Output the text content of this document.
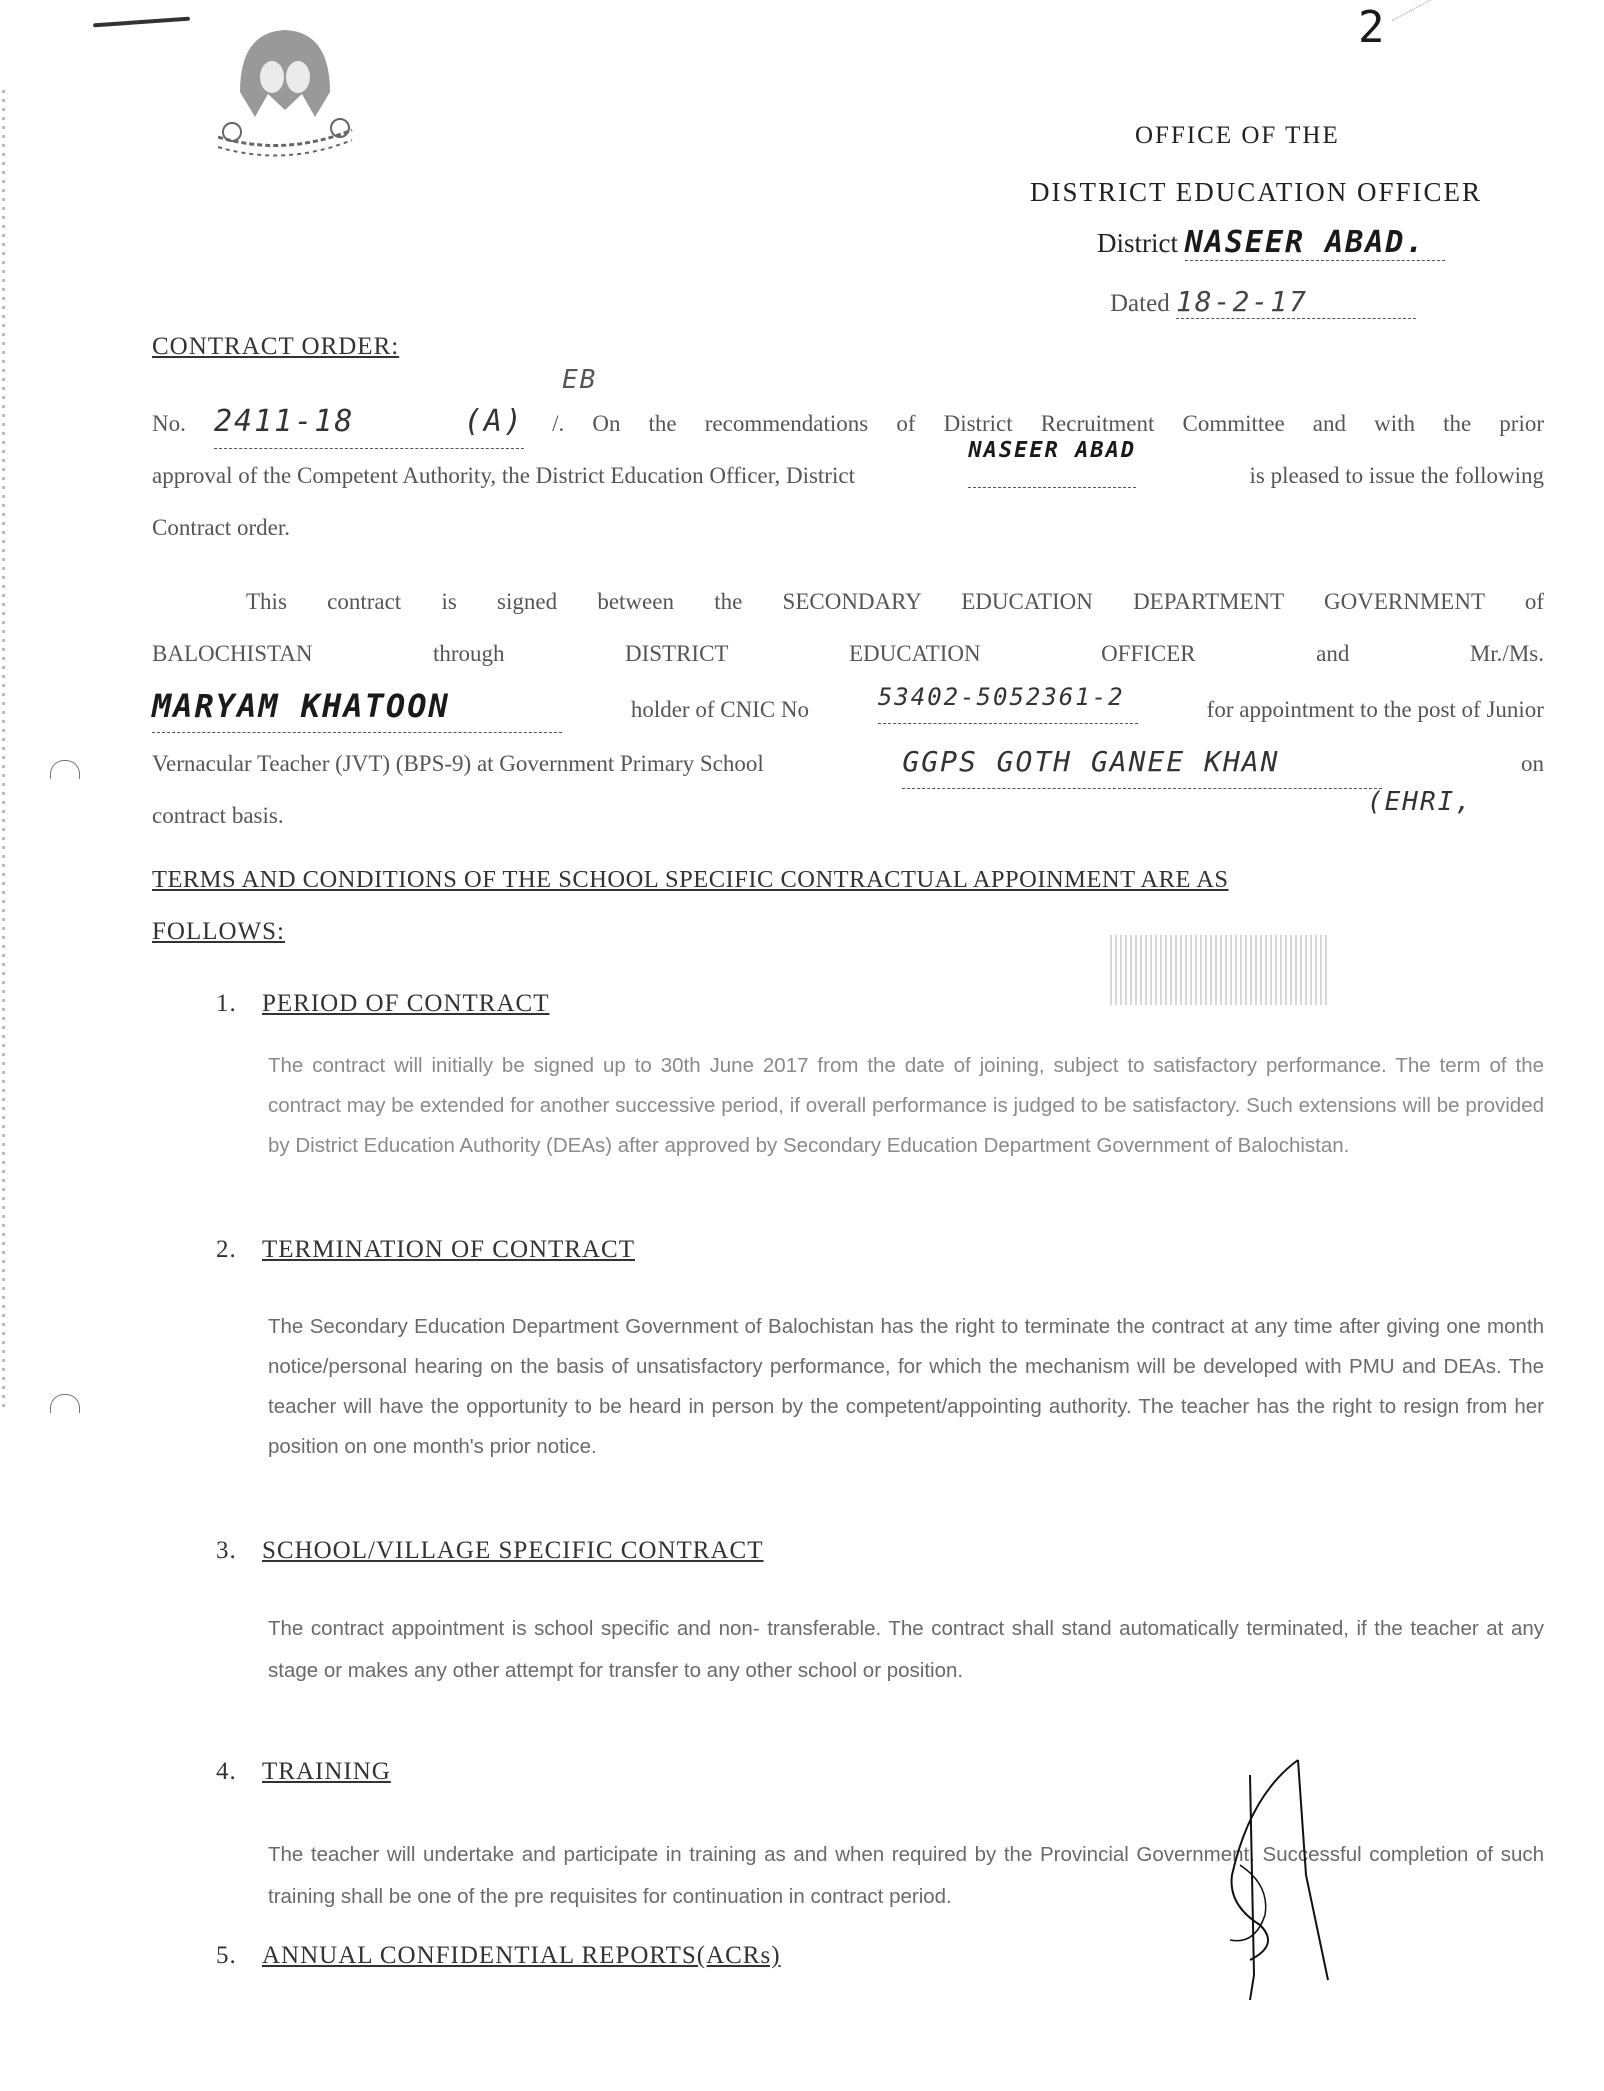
2
OFFICE OF THE
DISTRICT EDUCATION OFFICER
District NASEER ABAD.
Dated 18-2-17
CONTRACT ORDER:
EB
No. 2411-18 (A) /. On the recommendations of District Recruitment Committee and with the prior
approval of the Competent Authority, the District Education Officer, District
NASEER ABAD
is pleased to issue the following
Contract order.
This contract is signed between the SECONDARY EDUCATION DEPARTMENT GOVERNMENT of
BALOCHISTAN	through	DISTRICT	EDUCATION	OFFICER	and	Mr./Ms.
MARYAM KHATOON	holder of CNIC No	53402-5052361-2	for appointment to the post of Junior
Vernacular Teacher (JVT) (BPS-9) at Government Primary School	GGPS GOTH GANEE KHAN	on
contract basis.	(EHRI,
TERMS AND CONDITIONS OF THE SCHOOL SPECIFIC CONTRACTUAL APPOINMENT ARE AS
FOLLOWS:
1. PERIOD OF CONTRACT
The contract will initially be signed up to 30th June 2017 from the date of joining, subject to satisfactory performance. The term of the contract may be extended for another successive period, if overall performance is judged to be satisfactory. Such extensions will be provided by District Education Authority (DEAs) after approved by Secondary Education Department Government of Balochistan.
2. TERMINATION OF CONTRACT
The Secondary Education Department Government of Balochistan has the right to terminate the contract at any time after giving one month notice/personal hearing on the basis of unsatisfactory performance, for which the mechanism will be developed with PMU and DEAs. The teacher will have the opportunity to be heard in person by the competent/appointing authority. The teacher has the right to resign from her position on one month's prior notice.
3. SCHOOL/VILLAGE SPECIFIC CONTRACT
The contract appointment is school specific and non- transferable. The contract shall stand automatically terminated, if the teacher at any stage or makes any other attempt for transfer to any other school or position.
4. TRAINING
The teacher will undertake and participate in training as and when required by the Provincial Government. Successful completion of such training shall be one of the pre requisites for continuation in contract period.
5. ANNUAL CONFIDENTIAL REPORTS(ACRs)
